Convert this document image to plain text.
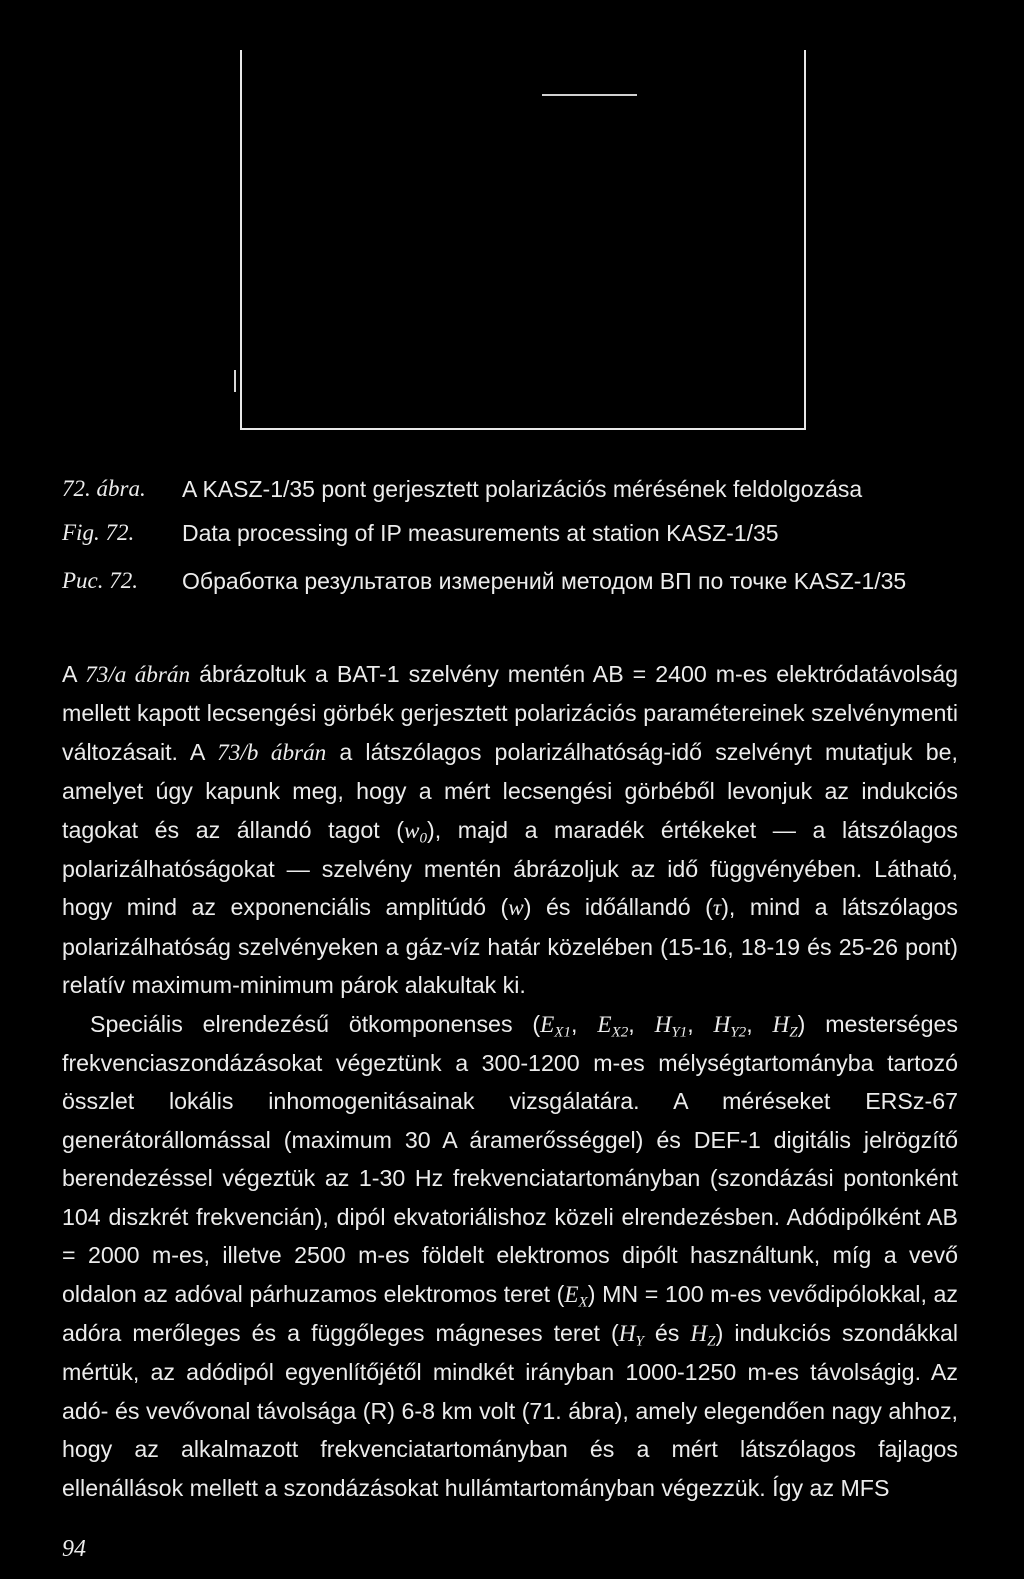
72. ábra.	A KASZ-1/35 pont gerjesztett polarizációs mérésének feldolgozása
Fig. 72.	Data processing of IP measurements at station KASZ-1/35
Рис. 72.	Обработка результатов измерений методом ВП по точке KASZ-1/35

A 73/a ábrán ábrázoltuk a BAT-1 szelvény mentén AB = 2400 m-es elektródatávolság mellett kapott lecsengési görbék gerjesztett polarizációs paramétereinek szelvénymenti változásait. A 73/b ábrán a látszólagos polarizálhatóság-idő szelvényt mutatjuk be, amelyet úgy kapunk meg, hogy a mért lecsengési görbéből levonjuk az indukciós tagokat és az állandó tagot $(w_0)$, majd a maradék értékeket — a látszólagos polarizálhatóságokat — szelvény mentén ábrázoljuk az idő függvényében. Látható, hogy mind az exponenciális amplitúdó (w) és időállandó (τ), mind a látszólagos polarizálhatóság szelvényeken a gáz-víz határ közelében (15-16, 18-19 és 25-26 pont) relatív maximum-minimum párok alakultak ki.

Speciális elrendezésű ötkomponenses ($E_{X1}$, $E_{X2}$, $H_{Y1}$, $H_{Y2}$, $H_Z$) mesterséges frekvenciaszondázásokat végeztünk a 300-1200 m-es mélységtartományba tartozó összlet lokális inhomogenitásainak vizsgálatára. A méréseket ERSz-67 generátorállomással (maximum 30 A áramerősséggel) és DEF-1 digitális jelrögzítő berendezéssel végeztük az 1-30 Hz frekvenciatartományban (szondázási pontonként 104 diszkrét frekvencián), dipól ekvatoriálishoz közeli elrendezésben. Adódipólként AB = 2000 m-es, illetve 2500 m-es földelt elektromos dipólt használtunk, míg a vevő oldalon az adóval párhuzamos elektromos teret $(E_X)$ MN = 100 m-es vevődipólokkal, az adóra merőleges és a függőleges mágneses teret ($H_Y$ és $H_Z$) indukciós szondákkal mértük, az adódipól egyenlítőjétől mindkét irányban 1000-1250 m-es távolságig. Az adó- és vevővonal távolsága (R) 6-8 km volt (71. ábra), amely elegendően nagy ahhoz, hogy az alkalmazott frekvenciatartományban és a mért látszólagos fajlagos ellenállások mellett a szondázásokat hullámtartományban végezzük. Így az MFS

94
